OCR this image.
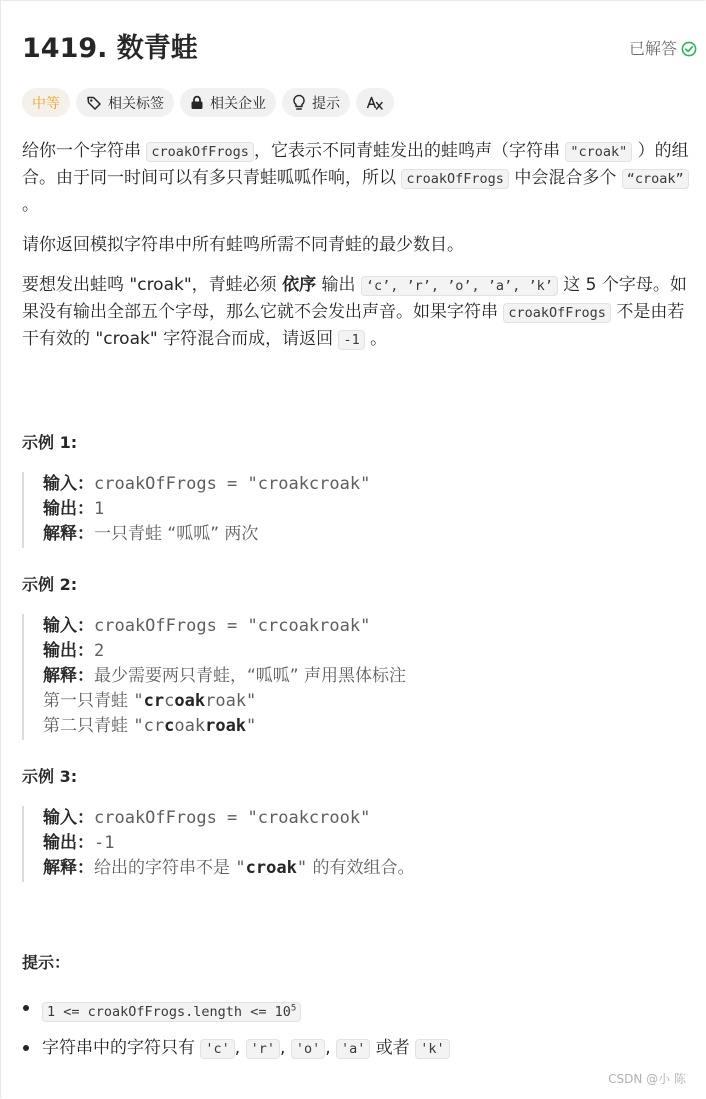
1419. 数青蛙	已解答
中等	相关标签	相关企业	提示

给你一个字符串 croakOfFrogs ，它表示不同青蛙发出的蛙鸣声（字符串 "croak" ）的组合。由于同一时间可以有多只青蛙呱呱作响，所以 croakOfFrogs 中会混合多个 “croak” 。

请你返回模拟字符串中所有蛙鸣所需不同青蛙的最少数目。

要想发出蛙鸣 "croak"，青蛙必须 依序 输出 ‘c’, ’r’, ’o’, ’a’, ’k’ 这 5 个字母。如果没有输出全部五个字母，那么它就不会发出声音。如果字符串 croakOfFrogs 不是由若干有效的 "croak" 字符混合而成，请返回 -1 。

示例 1:
输入：croakOfFrogs = "croakcroak"
输出：1
解释：一只青蛙 “呱呱” 两次
示例 2:
输入：croakOfFrogs = "crcoakroak"
输出：2
解释：最少需要两只青蛙，“呱呱” 声用黑体标注
第一只青蛙 "crcoakroak"
第二只青蛙 "crcoakroak"
示例 3:
输入：croakOfFrogs = "croakcrook"
输出：-1
解释：给出的字符串不是 "croak" 的有效组合。
提示：
1 <= croakOfFrogs.length <= $10^5$
字符串中的字符只有 'c' , 'r' , 'o' , 'a' 或者 'k'
CSDN @小 陈
